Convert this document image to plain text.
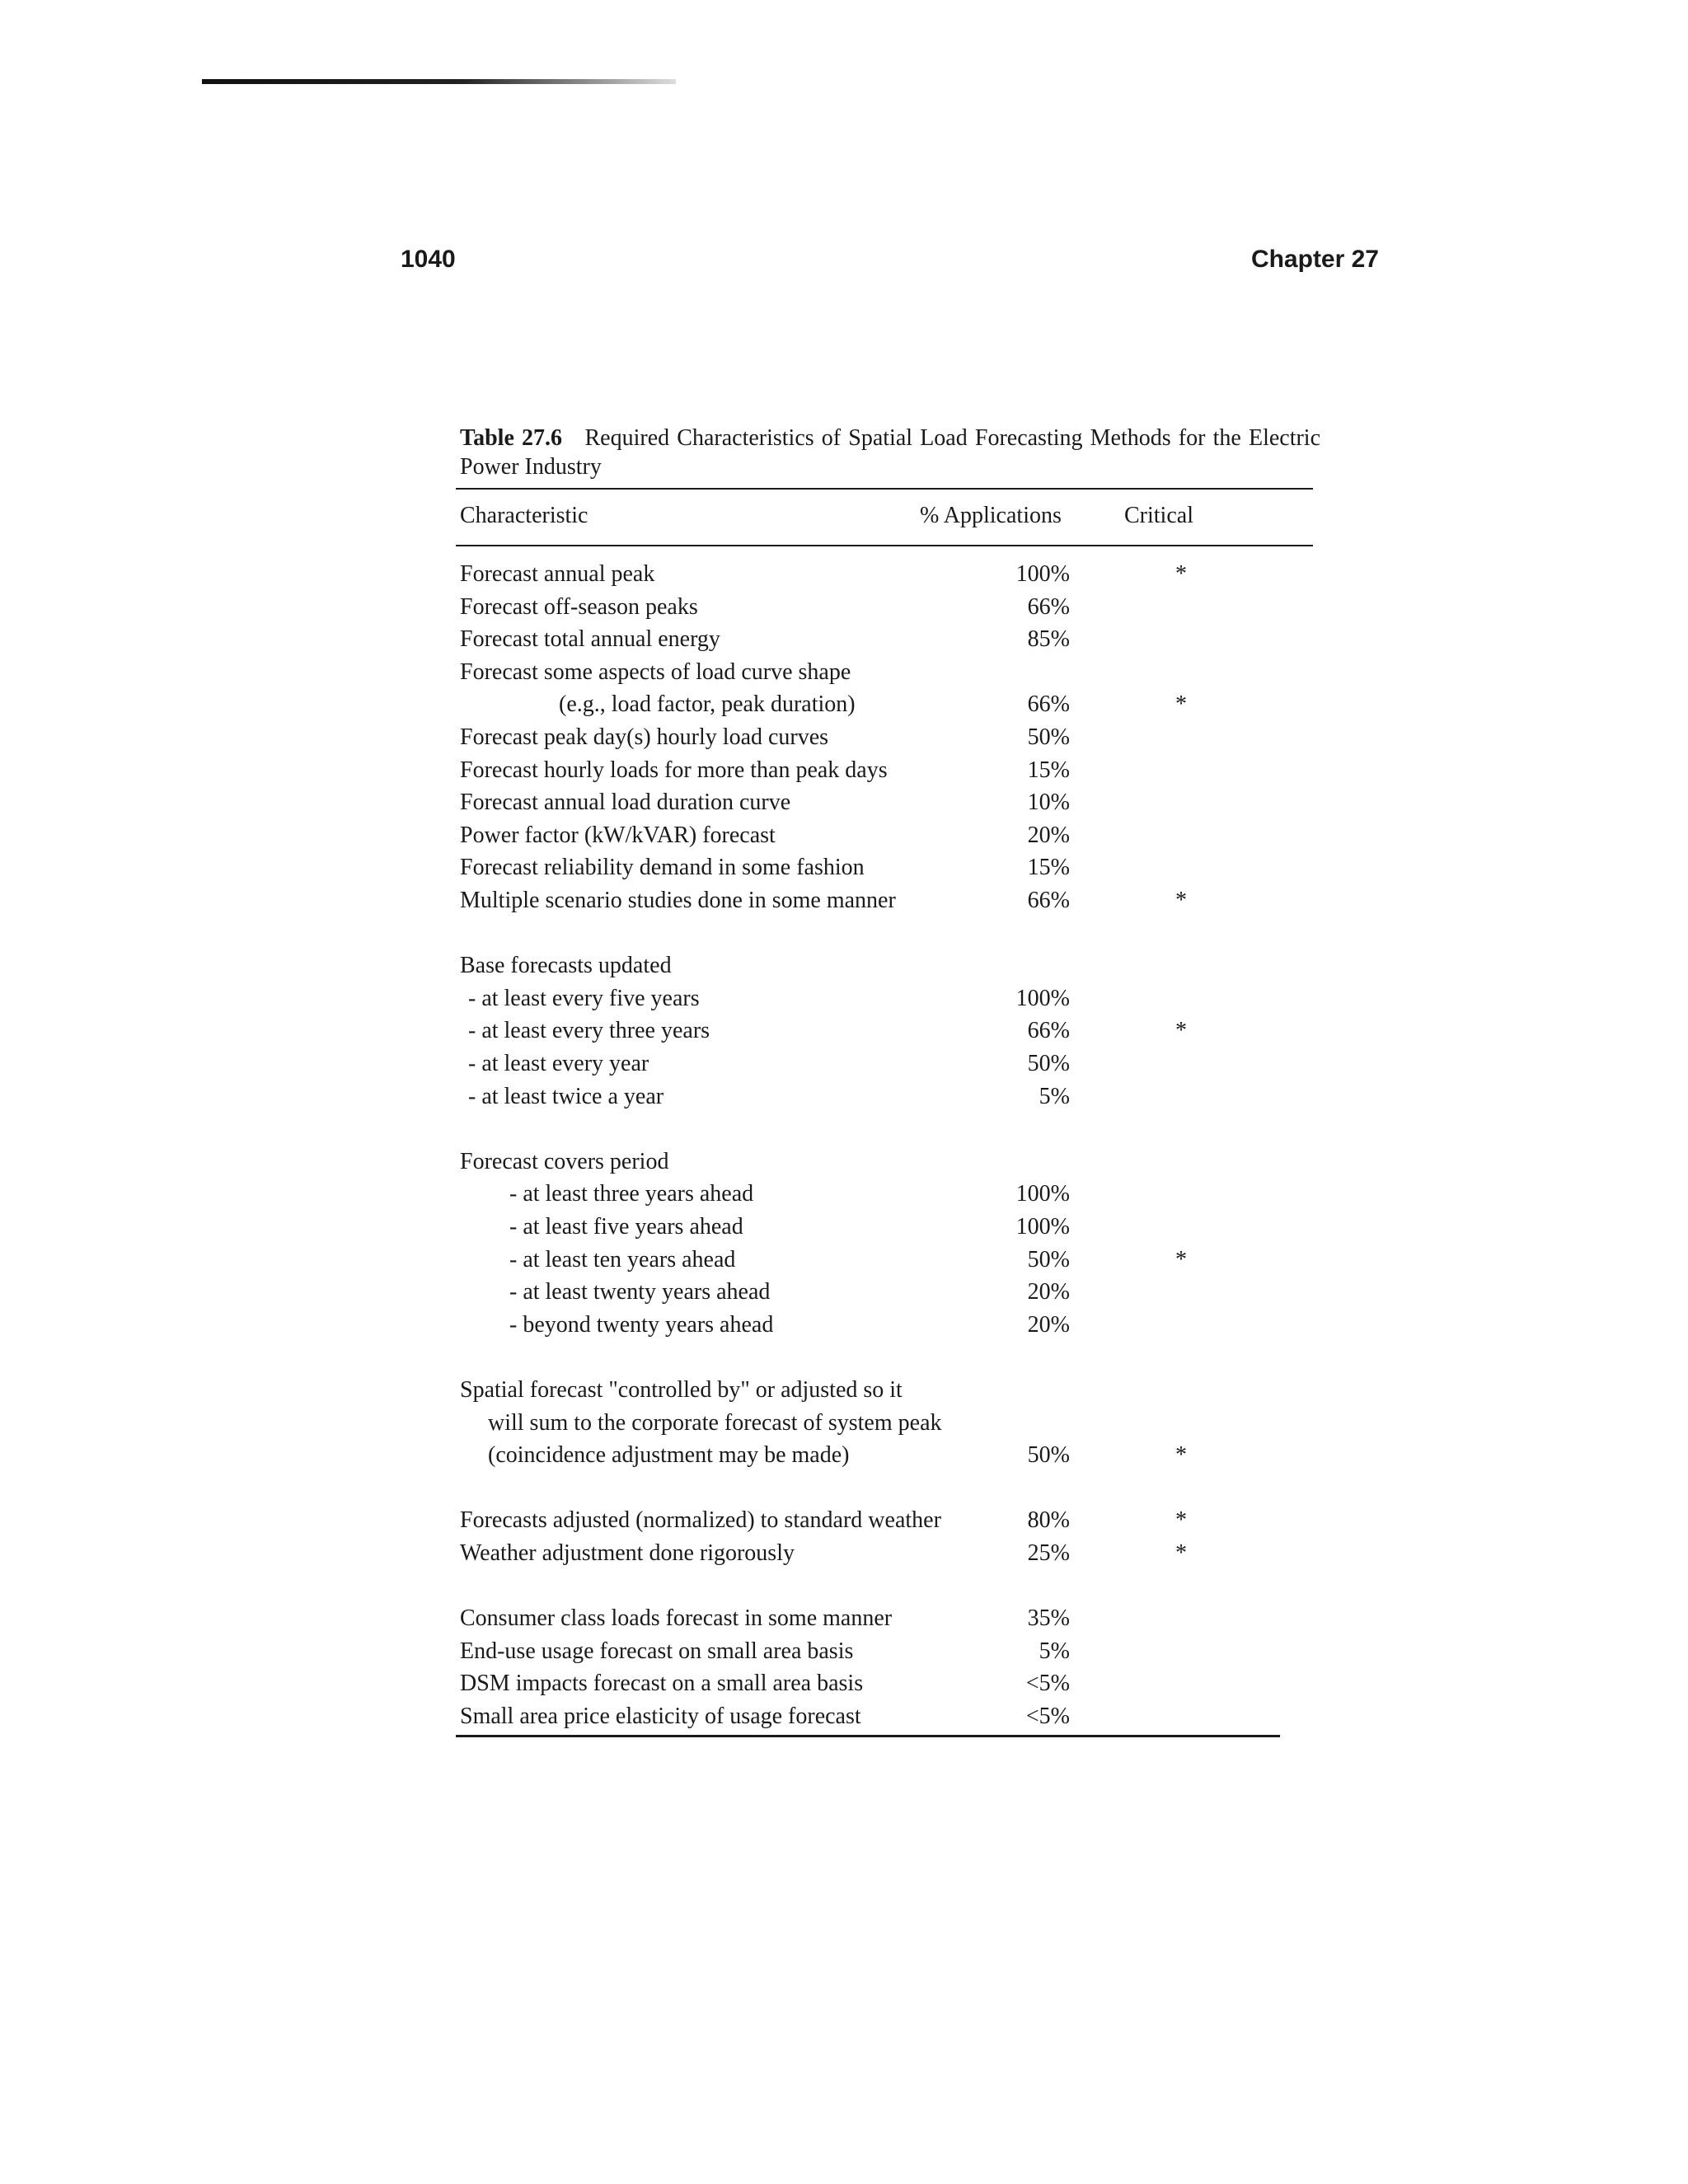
1040	Chapter 27
Table 27.6 Required Characteristics of Spatial Load Forecasting Methods for the Electric Power Industry
Characteristic	% Applications	Critical
Forecast annual peak	100%	*
Forecast off-season peaks	66%
Forecast total annual energy	85%
Forecast some aspects of load curve shape
(e.g., load factor, peak duration)	66%	*
Forecast peak day(s) hourly load curves	50%
Forecast hourly loads for more than peak days	15%
Forecast annual load duration curve	10%
Power factor (kW/kVAR) forecast	20%
Forecast reliability demand in some fashion	15%
Multiple scenario studies done in some manner	66%	*
Base forecasts updated
- at least every five years	100%
- at least every three years	66%	*
- at least every year	50%
- at least twice a year	5%
Forecast covers period
- at least three years ahead	100%
- at least five years ahead	100%
- at least ten years ahead	50%	*
- at least twenty years ahead	20%
- beyond twenty years ahead	20%
Spatial forecast "controlled by" or adjusted so it
will sum to the corporate forecast of system peak
(coincidence adjustment may be made)	50%	*
Forecasts adjusted (normalized) to standard weather	80%	*
Weather adjustment done rigorously	25%	*
Consumer class loads forecast in some manner	35%
End-use usage forecast on small area basis	5%
DSM impacts forecast on a small area basis	<5%
Small area price elasticity of usage forecast	<5%
